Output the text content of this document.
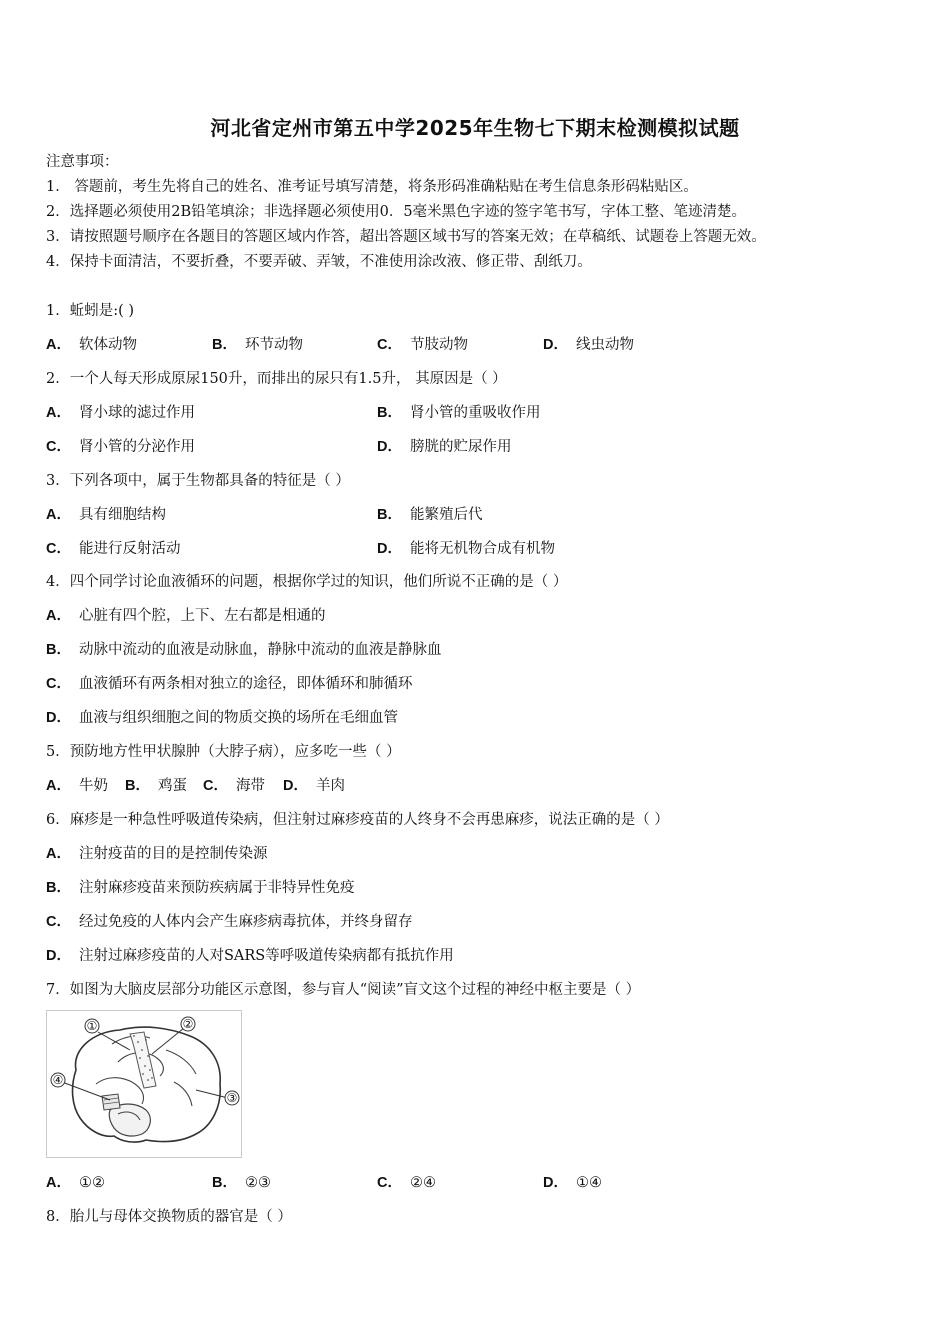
河北省定州市第五中学2025年生物七下期末检测模拟试题
注意事项：
1． 答题前，考生先将自己的姓名、准考证号填写清楚，将条形码准确粘贴在考生信息条形码粘贴区。
2．选择题必须使用2B铅笔填涂；非选择题必须使用0．5毫米黑色字迹的签字笔书写，字体工整、笔迹清楚。
3．请按照题号顺序在各题目的答题区域内作答，超出答题区域书写的答案无效；在草稿纸、试题卷上答题无效。
4．保持卡面清洁，不要折叠，不要弄破、弄皱，不准使用涂改液、修正带、刮纸刀。
1．蚯蚓是:( )
A． 软体动物	B． 环节动物	C． 节肢动物	D． 线虫动物
2．一个人每天形成原尿150升，而排出的尿只有1.5升， 其原因是（ ）
A． 肾小球的滤过作用	B． 肾小管的重吸收作用
C． 肾小管的分泌作用	D． 膀胱的贮尿作用
3．下列各项中，属于生物都具备的特征是（ ）
A． 具有细胞结构	B． 能繁殖后代
C． 能进行反射活动	D． 能将无机物合成有机物
4．四个同学讨论血液循环的问题，根据你学过的知识，他们所说不正确的是（ ）
A． 心脏有四个腔，上下、左右都是相通的
B． 动脉中流动的血液是动脉血，静脉中流动的血液是静脉血
C． 血液循环有两条相对独立的途径，即体循环和肺循环
D． 血液与组织细胞之间的物质交换的场所在毛细血管
5．预防地方性甲状腺肿（大脖子病），应多吃一些（ ）
A． 牛奶 B． 鸡蛋 C． 海带 D． 羊肉
6．麻疹是一种急性呼吸道传染病，但注射过麻疹疫苗的人终身不会再患麻疹，说法正确的是（ ）
A． 注射疫苗的目的是控制传染源
B． 注射麻疹疫苗来预防疾病属于非特异性免疫
C． 经过免疫的人体内会产生麻疹病毒抗体，并终身留存
D． 注射过麻疹疫苗的人对SARS等呼吸道传染病都有抵抗作用
7．如图为大脑皮层部分功能区示意图，参与盲人“阅读”盲文这个过程的神经中枢主要是（ ）
①	②
③
④
A． ①②	B． ②③	C． ②④	D． ①④
8．胎儿与母体交换物质的器官是（ ）
